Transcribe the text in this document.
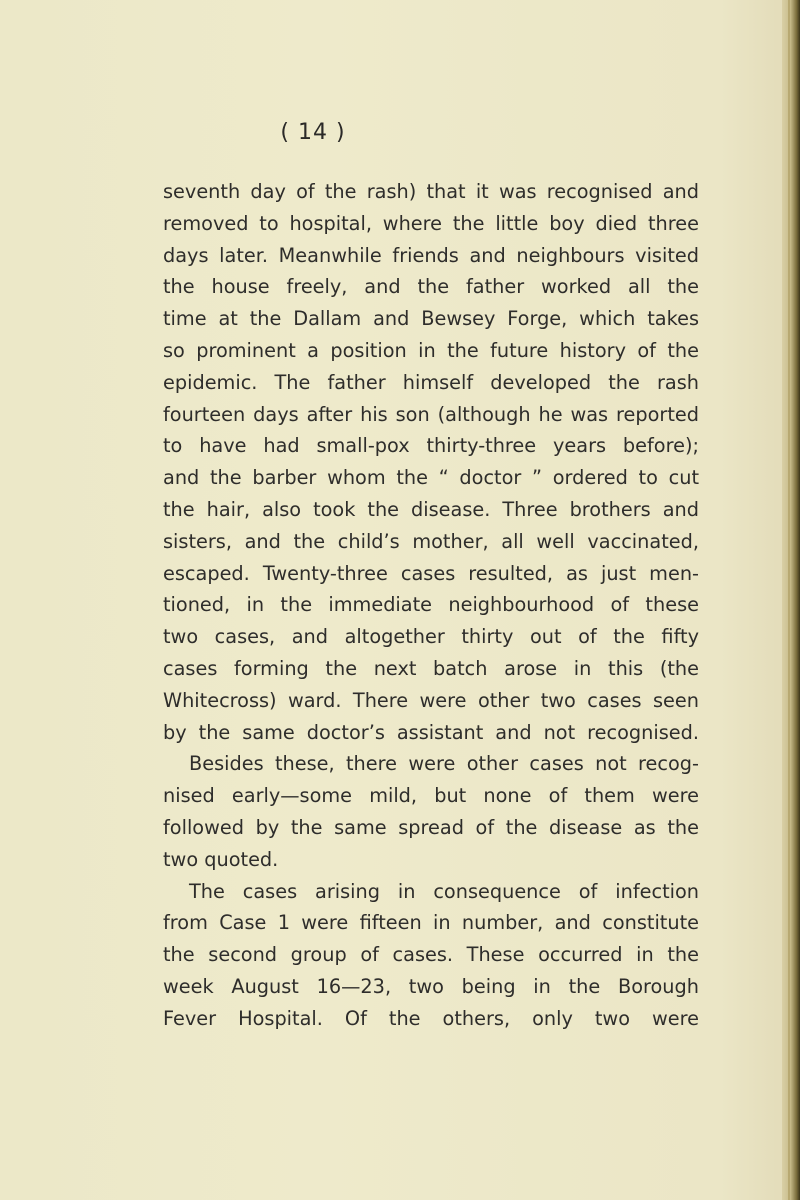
( 14 )
seventh day of the rash) that it was recognised and
removed to hospital, where the little boy died three
days later. Meanwhile friends and neighbours visited
the house freely, and the father worked all the
time at the Dallam and Bewsey Forge, which takes
so prominent a position in the future history of the
epidemic. The father himself developed the rash
fourteen days after his son (although he was reported
to have had small-pox thirty-three years before);
and the barber whom the “ doctor ” ordered to cut
the hair, also took the disease. Three brothers and
sisters, and the child’s mother, all well vaccinated,
escaped. Twenty-three cases resulted, as just men-
tioned, in the immediate neighbourhood of these
two cases, and altogether thirty out of the fifty
cases forming the next batch arose in this (the
Whitecross) ward. There were other two cases seen
by the same doctor’s assistant and not recognised.
Besides these, there were other cases not recog-
nised early—some mild, but none of them were
followed by the same spread of the disease as the
two quoted.
The cases arising in consequence of infection
from Case 1 were fifteen in number, and constitute
the second group of cases. These occurred in the
week August 16—23, two being in the Borough
Fever Hospital. Of the others, only two were
